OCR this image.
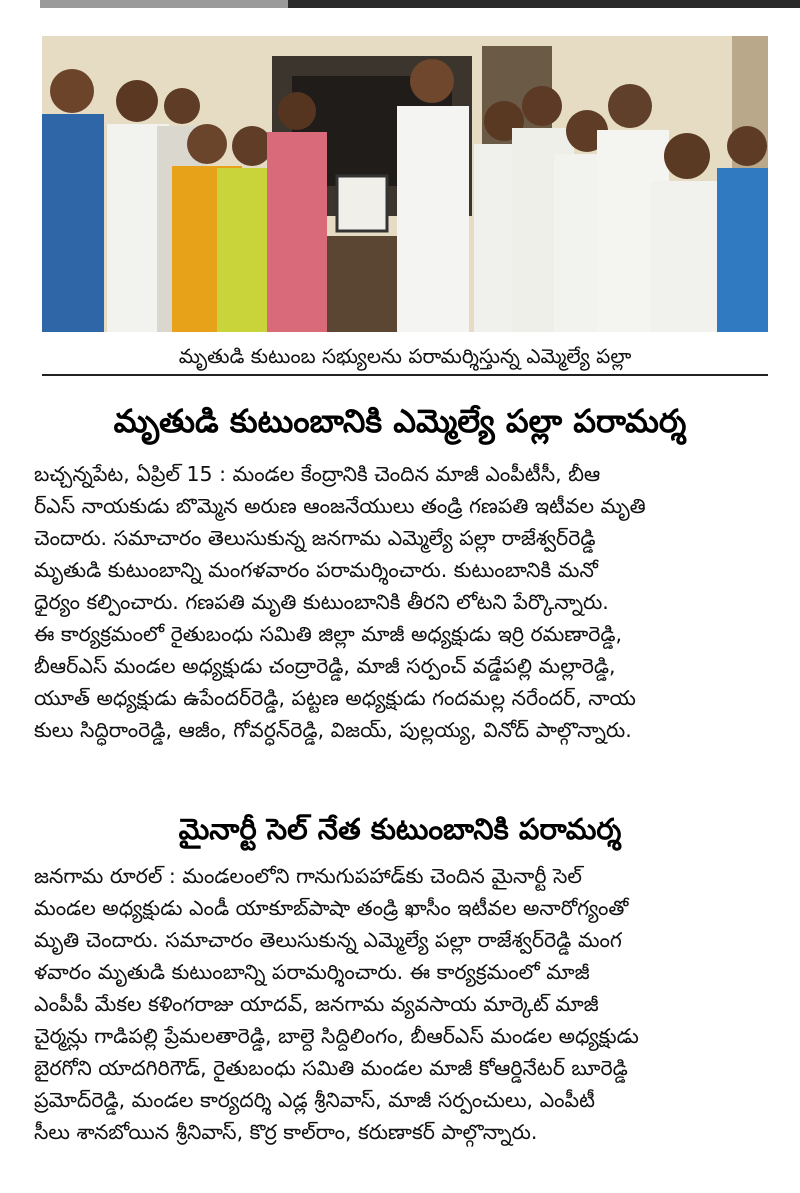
మృతుడి కుటుంబ సభ్యులను పరామర్శిస్తున్న ఎమ్మెల్యే పల్లా
మృతుడి కుటుంబానికి ఎమ్మెల్యే పల్లా పరామర్శ
బచ్చన్నపేట, ఏప్రిల్ 15 : మండల కేంద్రానికి చెందిన మాజీ ఎంపీటీసీ, బీఆ
ర్ఎస్ నాయకుడు బొమ్మెన అరుణ ఆంజనేయులు తండ్రి గణపతి ఇటీవల మృతి
చెందారు. సమాచారం తెలుసుకున్న జనగామ ఎమ్మెల్యే పల్లా రాజేశ్వర్‌రెడ్డి
మృతుడి కుటుంబాన్ని మంగళవారం పరామర్శించారు. కుటుంబానికి మనో
ధైర్యం కల్పించారు. గణపతి మృతి కుటుంబానికి తీరని లోటని పేర్కొన్నారు.
ఈ కార్యక్రమంలో రైతుబంధు సమితి జిల్లా మాజీ అధ్యక్షుడు ఇర్రి రమణారెడ్డి,
బీఆర్ఎస్ మండల అధ్యక్షుడు చంద్రారెడ్డి, మాజీ సర్పంచ్ వడ్డేపల్లి మల్లారెడ్డి,
యూత్ అధ్యక్షుడు ఉపేందర్‌రెడ్డి, పట్టణ అధ్యక్షుడు గందమల్ల నరేందర్, నాయ
కులు సిద్ధిరాంరెడ్డి, ఆజీం, గోవర్ధన్‌రెడ్డి, విజయ్, పుల్లయ్య, వినోద్ పాల్గొన్నారు.
మైనార్టీ సెల్ నేత కుటుంబానికి పరామర్శ
జనగామ రూరల్ : మండలంలోని గానుగుపహాడ్‌కు చెందిన మైనార్టీ సెల్
మండల అధ్యక్షుడు ఎండీ యాకూబ్‌పాషా తండ్రి ఖాసీం ఇటీవల అనారోగ్యంతో
మృతి చెందారు. సమాచారం తెలుసుకున్న ఎమ్మెల్యే పల్లా రాజేశ్వర్‌రెడ్డి మంగ
ళవారం మృతుడి కుటుంబాన్ని పరామర్శించారు. ఈ కార్యక్రమంలో మాజీ
ఎంపీపీ మేకల కళింగరాజు యాదవ్, జనగామ వ్యవసాయ మార్కెట్ మాజీ
చైర్మన్లు గాడిపల్లి ప్రేమలతారెడ్డి, బాల్దె సిద్దిలింగం, బీఆర్ఎస్ మండల అధ్యక్షుడు
బైరగోని యాదగిరిగౌడ్, రైతుబంధు సమితి మండల మాజీ కోఆర్డినేటర్ బూరెడ్డి
ప్రమోద్‌రెడ్డి, మండల కార్యదర్శి ఎడ్ల శ్రీనివాస్, మాజీ సర్పంచులు, ఎంపీటీ
సీలు శానబోయిన శ్రీనివాస్, కొర్ర కాల్‌రాం, కరుణాకర్ పాల్గొన్నారు.
